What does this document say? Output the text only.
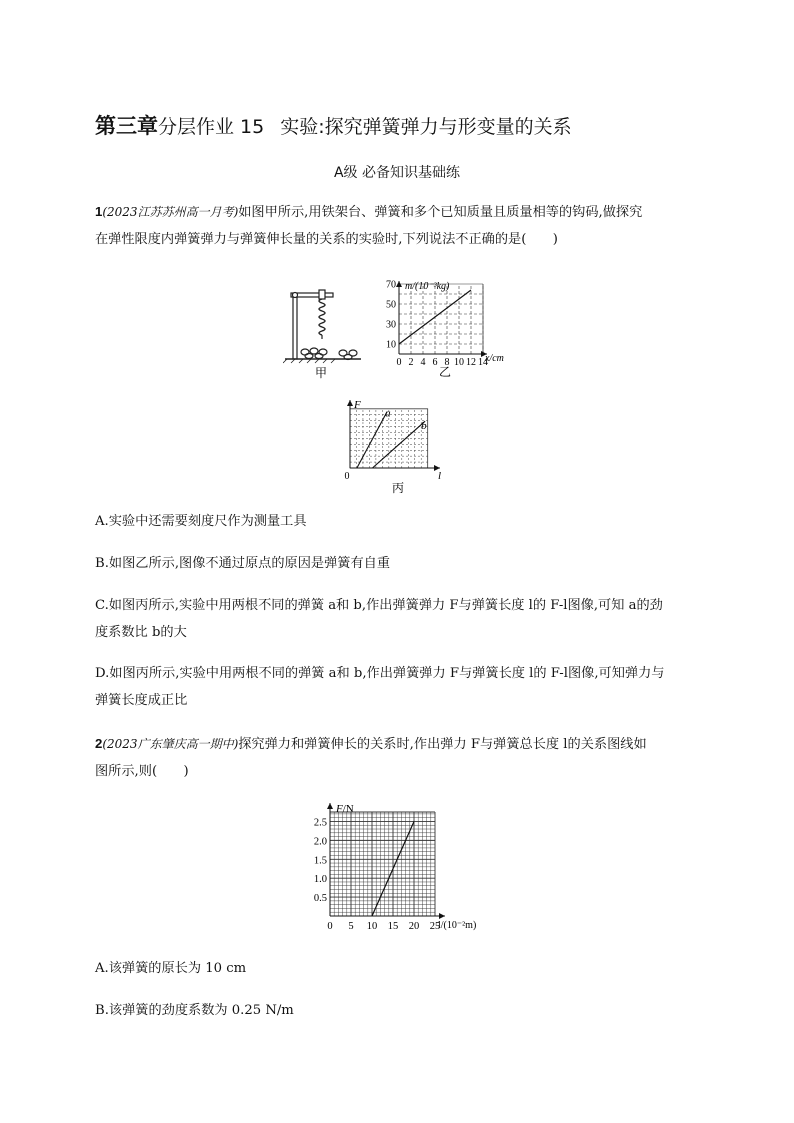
第三章分层作业 15 实验:探究弹簧弹力与形变量的关系
A级 必备知识基础练
1(2023江苏苏州高一月考)如图甲所示,用铁架台、弹簧和多个已知质量且质量相等的钩码,做探究
在弹性限度内弹簧弹力与弹簧伸长量的关系的实验时,下列说法不正确的是(　　)
甲
0 2 4 6 8 10 12 14
10
30
50
70 m/(10⁻³kg)
x/cm
乙
a
b
F
l
0
丙
A.实验中还需要刻度尺作为测量工具
B.如图乙所示,图像不通过原点的原因是弹簧有自重
C.如图丙所示,实验中用两根不同的弹簧 a和 b,作出弹簧弹力 F与弹簧长度 l的 F-l图像,可知 a的劲
度系数比 b的大
D.如图丙所示,实验中用两根不同的弹簧 a和 b,作出弹簧弹力 F与弹簧长度 l的 F-l图像,可知弹力与
弹簧长度成正比
2(2023广东肇庆高一期中)探究弹力和弹簧伸长的关系时,作出弹力 F与弹簧总长度 l的关系图线如
图所示,则(　　)
0 5 10 15 20 25
0.5
1.0
1.5
2.0
2.5
F/N
l/(10⁻²m)
A.该弹簧的原长为 10 cm
B.该弹簧的劲度系数为 0.25 N/m
